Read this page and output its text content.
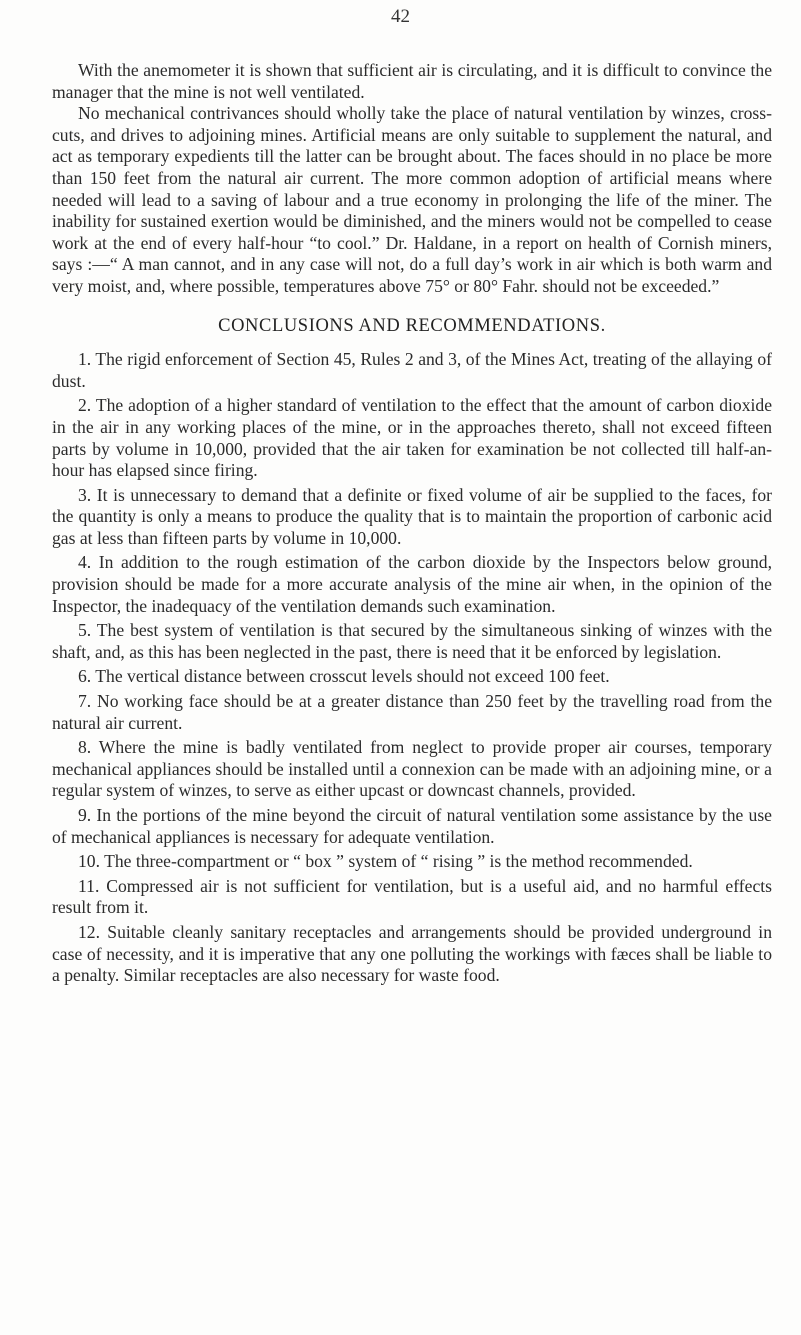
42

With the anemometer it is shown that sufficient air is circulating, and it is difficult to convince the manager that the mine is not well ventilated.

No mechanical contrivances should wholly take the place of natural ventilation by winzes, cross-cuts, and drives to adjoining mines. Artificial means are only suitable to supplement the natural, and act as temporary expedients till the latter can be brought about. The faces should in no place be more than 150 feet from the natural air current. The more common adoption of artificial means where needed will lead to a saving of labour and a true economy in prolonging the life of the miner. The inability for sustained exertion would be diminished, and the miners would not be compelled to cease work at the end of every half-hour “to cool.” Dr. Haldane, in a report on health of Cornish miners, says :—“ A man cannot, and in any case will not, do a full day’s work in air which is both warm and very moist, and, where possible, temperatures above 75° or 80° Fahr. should not be exceeded.”

CONCLUSIONS AND RECOMMENDATIONS.

1. The rigid enforcement of Section 45, Rules 2 and 3, of the Mines Act, treating of the allaying of dust.

2. The adoption of a higher standard of ventilation to the effect that the amount of carbon dioxide in the air in any working places of the mine, or in the approaches thereto, shall not exceed fifteen parts by volume in 10,000, provided that the air taken for examination be not collected till half-an-hour has elapsed since firing.

3. It is unnecessary to demand that a definite or fixed volume of air be supplied to the faces, for the quantity is only a means to produce the quality that is to maintain the proportion of carbonic acid gas at less than fifteen parts by volume in 10,000.

4. In addition to the rough estimation of the carbon dioxide by the Inspectors below ground, provision should be made for a more accurate analysis of the mine air when, in the opinion of the Inspector, the inadequacy of the ventilation demands such examination.

5. The best system of ventilation is that secured by the simultaneous sinking of winzes with the shaft, and, as this has been neglected in the past, there is need that it be enforced by legislation.

6. The vertical distance between crosscut levels should not exceed 100 feet.

7. No working face should be at a greater distance than 250 feet by the travelling road from the natural air current.

8. Where the mine is badly ventilated from neglect to provide proper air courses, temporary mechanical appliances should be installed until a connexion can be made with an adjoining mine, or a regular system of winzes, to serve as either upcast or downcast channels, provided.

9. In the portions of the mine beyond the circuit of natural ventilation some assistance by the use of mechanical appliances is necessary for adequate ventilation.

10. The three-compartment or “ box ” system of “ rising ” is the method recommended.

11. Compressed air is not sufficient for ventilation, but is a useful aid, and no harmful effects result from it.

12. Suitable cleanly sanitary receptacles and arrangements should be provided underground in case of necessity, and it is imperative that any one polluting the workings with fæces shall be liable to a penalty. Similar receptacles are also necessary for waste food.
